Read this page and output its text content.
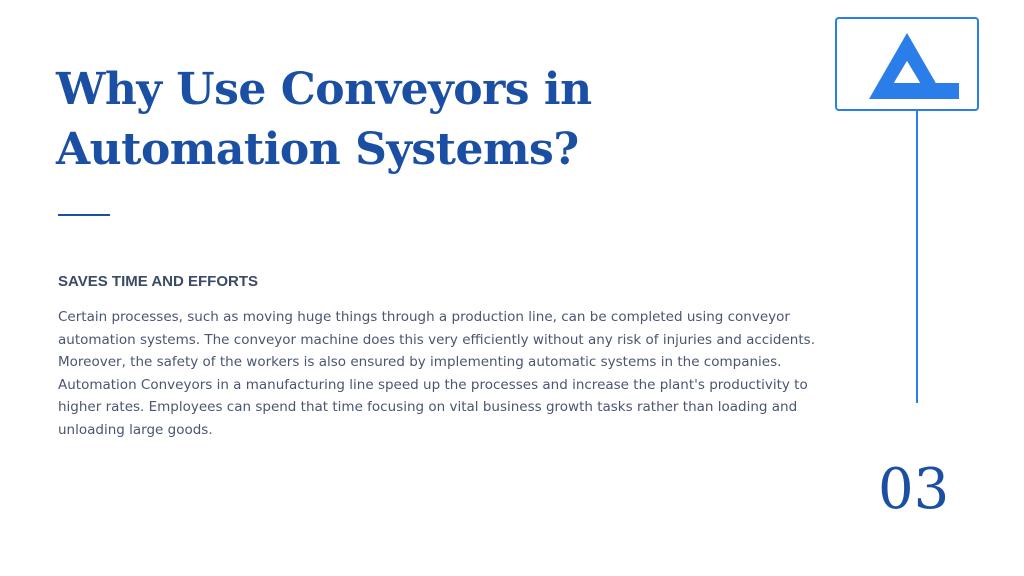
Why Use Conveyors in
Automation Systems?
SAVES TIME AND EFFORTS

Certain processes, such as moving huge things through a production line, can be completed using conveyor automation systems. The conveyor machine does this very efficiently without any risk of injuries and accidents. Moreover, the safety of the workers is also ensured by implementing automatic systems in the companies. Automation Conveyors in a manufacturing line speed up the processes and increase the plant's productivity to higher rates. Employees can spend that time focusing on vital business growth tasks rather than loading and unloading large goods.

03
